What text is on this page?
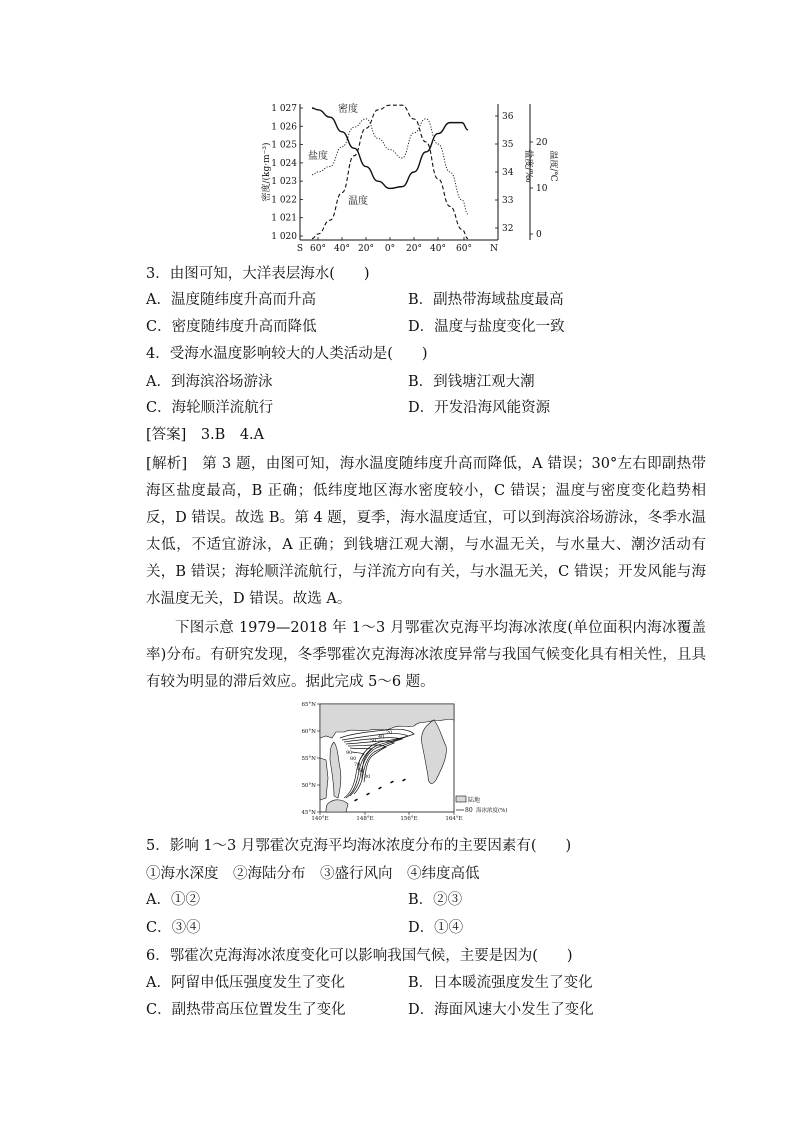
1 027
1 026
1 025
1 024
1 023
1 022
1 021
1 020
36
35
34
33
32
20
10
0
S 60° 40° 20° 0° 20° 40° 60° N
密度/(kg·m⁻³)	盐度/‰ 温度/℃
密度
盐度
温度
3．由图可知，大洋表层海水(　　)
A．温度随纬度升高而升高	B．副热带海域盐度最高
C．密度随纬度升高而降低	D．温度与盐度变化一致
4．受海水温度影响较大的人类活动是(　　)
A．到海滨浴场游泳	B．到钱塘江观大潮
C．海轮顺洋流航行	D．开发沿海风能资源
[答案]　3.B　4.A
[解析]　第 3 题，由图可知，海水温度随纬度升高而降低，A 错误；30°左右即副热带海区盐度最高，B 正确；低纬度地区海水密度较小，C 错误；温度与密度变化趋势相反，D 错误。故选 B。第 4 题，夏季，海水温度适宜，可以到海滨浴场游泳，冬季水温太低，不适宜游泳，A 正确；到钱塘江观大潮，与水温无关，与水量大、潮汐活动有关，B 错误；海轮顺洋流航行，与洋流方向有关，与水温无关，C 错误；开发风能与海水温度无关，D 错误。故选 A。
下图示意 1979—2018 年 1～3 月鄂霍次克海平均海冰浓度(单位面积内海冰覆盖率)分布。有研究发现，冬季鄂霍次克海海冰浓度异常与我国气候变化具有相关性，且具有较为明显的滞后效应。据此完成 5～6 题。
90
80
70
60
50
40
30
20
65°N
60°N
55°N
50°N
45°N
140°E	148°E	156°E	164°E
陆地
80 海冰浓度(%)
5．影响 1～3 月鄂霍次克海平均海冰浓度分布的主要因素有(　　)
①海水深度　②海陆分布　③盛行风向　④纬度高低
A．①②	B．②③
C．③④	D．①④
6．鄂霍次克海海冰浓度变化可以影响我国气候，主要是因为(　　)
A．阿留申低压强度发生了变化	B．日本暖流强度发生了变化
C．副热带高压位置发生了变化	D．海面风速大小发生了变化
